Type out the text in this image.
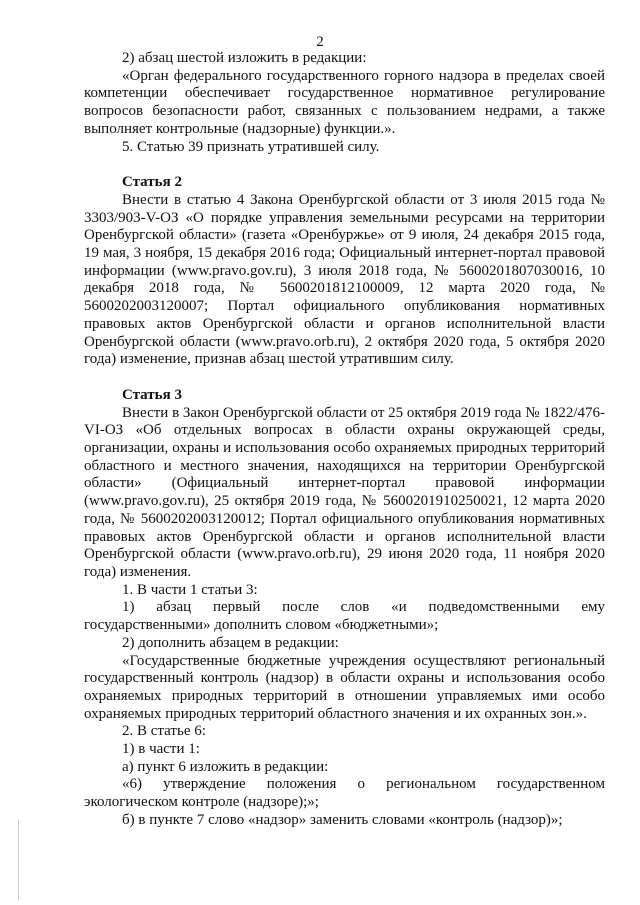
2

2) абзац шестой изложить в редакции:

«Орган федерального государственного горного надзора в пределах своей компетенции обеспечивает государственное нормативное регулирование вопросов безопасности работ, связанных с пользованием недрами, а также выполняет контрольные (надзорные) функции.».

5. Статью 39 признать утратившей силу.

Статья 2

Внести в статью 4 Закона Оренбургской области от 3 июля 2015 года № 3303/903-V-ОЗ «О порядке управления земельными ресурсами на территории Оренбургской области» (газета «Оренбуржье» от 9 июля, 24 декабря 2015 года, 19 мая, 3 ноября, 15 декабря 2016 года; Официальный интернет-портал правовой информации (www.pravo.gov.ru), 3 июля 2018 года, № 5600201807030016, 10 декабря 2018 года, № 5600201812100009, 12 марта 2020 года, № 5600202003120007; Портал официального опубликования нормативных правовых актов Оренбургской области и органов исполнительной власти Оренбургской области (www.pravo.orb.ru), 2 октября 2020 года, 5 октября 2020 года) изменение, признав абзац шестой утратившим силу.

Статья 3

Внести в Закон Оренбургской области от 25 октября 2019 года № 1822/476-VI-ОЗ «Об отдельных вопросах в области охраны окружающей среды, организации, охраны и использования особо охраняемых природных территорий областного и местного значения, находящихся на территории Оренбургской области» (Официальный интернет-портал правовой информации (www.pravo.gov.ru), 25 октября 2019 года, № 5600201910250021, 12 марта 2020 года, № 5600202003120012; Портал официального опубликования нормативных правовых актов Оренбургской области и органов исполнительной власти Оренбургской области (www.pravo.orb.ru), 29 июня 2020 года, 11 ноября 2020 года) изменения.

1. В части 1 статьи 3:

1) абзац первый после слов «и подведомственными ему государственными» дополнить словом «бюджетными»;

2) дополнить абзацем в редакции:

«Государственные бюджетные учреждения осуществляют региональный государственный контроль (надзор) в области охраны и использования особо охраняемых природных территорий в отношении управляемых ими особо охраняемых природных территорий областного значения и их охранных зон.».

2. В статье 6:

1) в части 1:

а) пункт 6 изложить в редакции:

«6) утверждение положения о региональном государственном экологическом контроле (надзоре);»;

б) в пункте 7 слово «надзор» заменить словами «контроль (надзор)»;
